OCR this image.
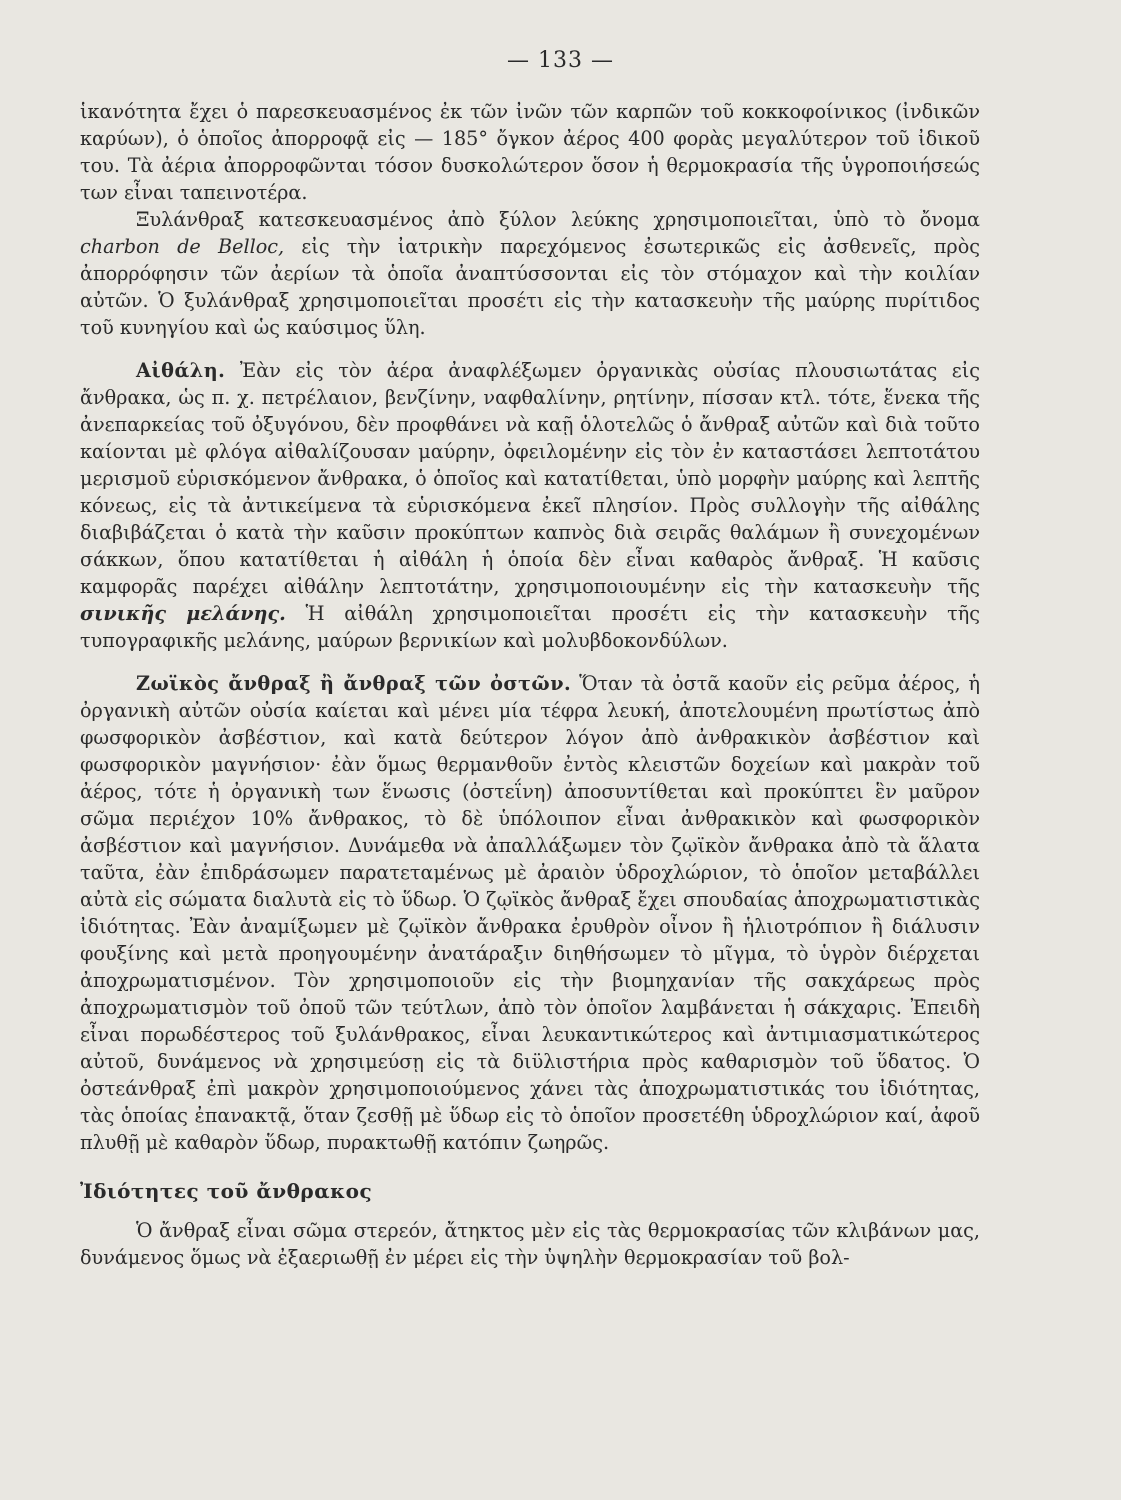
— 133 —

ἱκανότητα ἔχει ὁ παρεσκευασμένος ἐκ τῶν ἰνῶν τῶν καρπῶν τοῦ κοκκοφοίνικος (ἰνδικῶν καρύων), ὁ ὁποῖος ἀπορροφᾷ εἰς — 185° ὄγκον ἀέρος 400 φορὰς μεγαλύτερον τοῦ ἰδικοῦ του. Τὰ ἀέρια ἀπορροφῶνται τόσον δυσκολώτερον ὅσον ἡ θερμοκρασία τῆς ὑγροποιήσεώς των εἶναι ταπεινοτέρα.

Ξυλάνθραξ κατεσκευασμένος ἀπὸ ξύλον λεύκης χρησιμοποιεῖται, ὑπὸ τὸ ὄνομα charbon de Belloc, εἰς τὴν ἰατρικὴν παρεχόμενος ἐσωτερικῶς εἰς ἀσθενεῖς, πρὸς ἀπορρόφησιν τῶν ἀερίων τὰ ὁποῖα ἀναπτύσσονται εἰς τὸν στόμαχον καὶ τὴν κοιλίαν αὐτῶν. Ὁ ξυλάνθραξ χρησιμοποιεῖται προσέτι εἰς τὴν κατασκευὴν τῆς μαύρης πυρίτιδος τοῦ κυνηγίου καὶ ὡς καύσιμος ὕλη.

Αἰθάλη. Ἐὰν εἰς τὸν ἀέρα ἀναφλέξωμεν ὀργανικὰς οὐσίας πλουσιωτάτας εἰς ἄνθρακα, ὡς π. χ. πετρέλαιον, βενζίνην, ναφθαλίνην, ρητίνην, πίσσαν κτλ. τότε, ἕνεκα τῆς ἀνεπαρκείας τοῦ ὀξυγόνου, δὲν προφθάνει νὰ καῇ ὁλοτελῶς ὁ ἄνθραξ αὐτῶν καὶ διὰ τοῦτο καίονται μὲ φλόγα αἰθαλίζουσαν μαύρην, ὀφειλομένην εἰς τὸν ἐν καταστάσει λεπτοτάτου μερισμοῦ εὑρισκόμενον ἄνθρακα, ὁ ὁποῖος καὶ κατατίθεται, ὑπὸ μορφὴν μαύρης καὶ λεπτῆς κόνεως, εἰς τὰ ἀντικείμενα τὰ εὑρισκόμενα ἐκεῖ πλησίον. Πρὸς συλλογὴν τῆς αἰθάλης διαβιβάζεται ὁ κατὰ τὴν καῦσιν προκύπτων καπνὸς διὰ σειρᾶς θαλάμων ἢ συνεχομένων σάκκων, ὅπου κατατίθεται ἡ αἰθάλη ἡ ὁποία δὲν εἶναι καθαρὸς ἄνθραξ. Ἡ καῦσις καμφορᾶς παρέχει αἰθάλην λεπτοτάτην, χρησιμοποιουμένην εἰς τὴν κατασκευὴν τῆς σινικῆς μελάνης. Ἡ αἰθάλη χρησιμοποιεῖται προσέτι εἰς τὴν κατασκευὴν τῆς τυπογραφικῆς μελάνης, μαύρων βερνικίων καὶ μολυβδοκονδύλων.

Ζωϊκὸς ἄνθραξ ἢ ἄνθραξ τῶν ὀστῶν. Ὅταν τὰ ὀστᾶ καοῦν εἰς ρεῦμα ἀέρος, ἡ ὀργανικὴ αὐτῶν οὐσία καίεται καὶ μένει μία τέφρα λευκή, ἀποτελουμένη πρωτίστως ἀπὸ φωσφορικὸν ἀσβέστιον, καὶ κατὰ δεύτερον λόγον ἀπὸ ἀνθρακικὸν ἀσβέστιον καὶ φωσφορικὸν μαγνήσιον· ἐὰν ὅμως θερμανθοῦν ἐντὸς κλειστῶν δοχείων καὶ μακρὰν τοῦ ἀέρος, τότε ἡ ὀργανικὴ των ἕνωσις (ὀστεΐνη) ἀποσυντίθεται καὶ προκύπτει ἓν μαῦρον σῶμα περιέχον 10% ἄνθρακος, τὸ δὲ ὑπόλοιπον εἶναι ἀνθρακικὸν καὶ φωσφορικὸν ἀσβέστιον καὶ μαγνήσιον. Δυνάμεθα νὰ ἀπαλλάξωμεν τὸν ζῳϊκὸν ἄνθρακα ἀπὸ τὰ ἅλατα ταῦτα, ἐὰν ἐπιδράσωμεν παρατεταμένως μὲ ἀραιὸν ὑδροχλώριον, τὸ ὁποῖον μεταβάλλει αὐτὰ εἰς σώματα διαλυτὰ εἰς τὸ ὕδωρ. Ὁ ζῳϊκὸς ἄνθραξ ἔχει σπουδαίας ἀποχρωματιστικὰς ἰδιότητας. Ἐὰν ἀναμίξωμεν μὲ ζῳϊκὸν ἄνθρακα ἐρυθρὸν οἶνον ἢ ἡλιοτρόπιον ἢ διάλυσιν φουξίνης καὶ μετὰ προηγουμένην ἀνατάραξιν διηθήσωμεν τὸ μῖγμα, τὸ ὑγρὸν διέρχεται ἀποχρωματισμένον. Τὸν χρησιμοποιοῦν εἰς τὴν βιομηχανίαν τῆς σακχάρεως πρὸς ἀποχρωματισμὸν τοῦ ὀποῦ τῶν τεύτλων, ἀπὸ τὸν ὁποῖον λαμβάνεται ἡ σάκχαρις. Ἐπειδὴ εἶναι πορωδέστερος τοῦ ξυλάνθρακος, εἶναι λευκαντικώτερος καὶ ἀντιμιασματικώτερος αὐτοῦ, δυνάμενος νὰ χρησιμεύσῃ εἰς τὰ διϋλιστήρια πρὸς καθαρισμὸν τοῦ ὕδατος. Ὁ ὀστεάνθραξ ἐπὶ μακρὸν χρησιμοποιούμενος χάνει τὰς ἀποχρωματιστικάς του ἰδιότητας, τὰς ὁποίας ἐπανακτᾷ, ὅταν ζεσθῇ μὲ ὕδωρ εἰς τὸ ὁποῖον προσετέθη ὑδροχλώριον καί, ἀφοῦ πλυθῇ μὲ καθαρὸν ὕδωρ, πυρακτωθῇ κατόπιν ζωηρῶς.

Ἰδιότητες τοῦ ἄνθρακος

Ὁ ἄνθραξ εἶναι σῶμα στερεόν, ἄτηκτος μὲν εἰς τὰς θερμοκρασίας τῶν κλιβάνων μας, δυνάμενος ὅμως νὰ ἐξαεριωθῇ ἐν μέρει εἰς τὴν ὑψηλὴν θερμοκρασίαν τοῦ βολ-
